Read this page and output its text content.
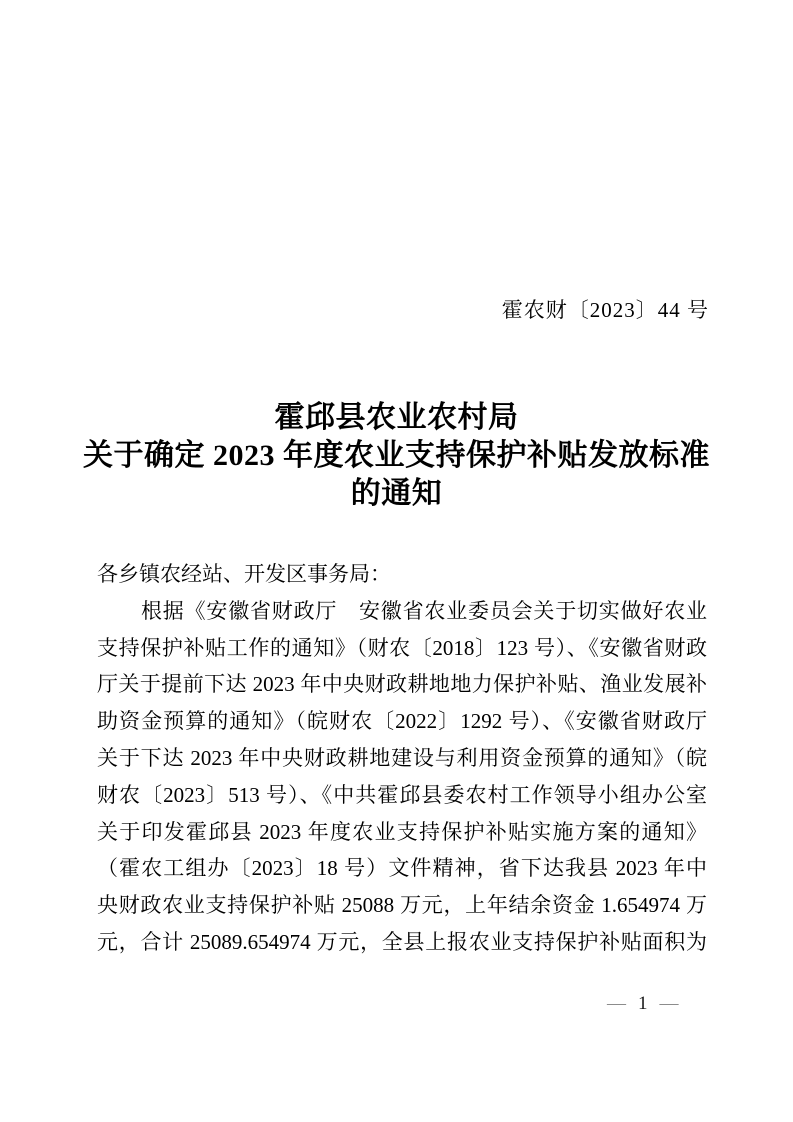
霍农财〔2023〕44 号
霍邱县农业农村局
关于确定 2023 年度农业支持保护补贴发放标准
的通知
各乡镇农经站、开发区事务局：
根据《安徽省财政厅　安徽省农业委员会关于切实做好农业
支持保护补贴工作的通知》（财农〔2018〕123 号）、《安徽省财政
厅关于提前下达 2023 年中央财政耕地地力保护补贴、渔业发展补
助资金预算的通知》（皖财农〔2022〕1292 号）、《安徽省财政厅
关于下达 2023 年中央财政耕地建设与利用资金预算的通知》（皖
财农〔2023〕513 号）、《中共霍邱县委农村工作领导小组办公室
关于印发霍邱县 2023 年度农业支持保护补贴实施方案的通知》
（霍农工组办〔2023〕18 号）文件精神，省下达我县 2023 年中
央财政农业支持保护补贴 25088 万元，上年结余资金 1.654974 万
元，合计 25089.654974 万元，全县上报农业支持保护补贴面积为
— 1 —
